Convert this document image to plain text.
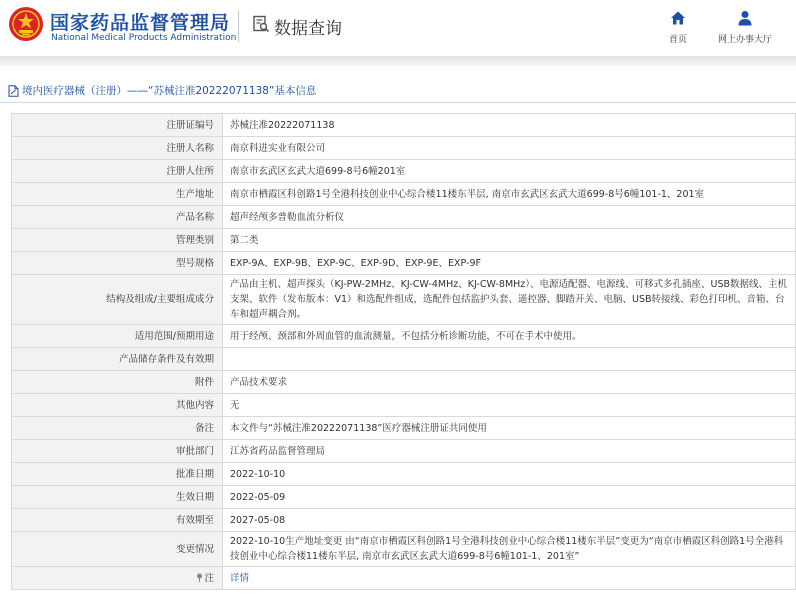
国家药品监督管理局
National Medical Products Administration 数据查询
首页	网上办事大厅
境内医疗器械（注册）——“苏械注准20222071138”基本信息
注册证编号	苏械注准20222071138
注册人名称	南京科进实业有限公司
注册人住所	南京市玄武区玄武大道699-8号6幢201室
生产地址	南京市栖霞区科创路1号全港科技创业中心综合楼11楼东半层, 南京市玄武区玄武大道699-8号6幢101-1、201室
产品名称	超声经颅多普勒血流分析仪
管理类别	第二类
型号规格	EXP-9A、EXP-9B、EXP-9C、EXP-9D、EXP-9E、EXP-9F
结构及组成/主要组成成分	产品由主机、超声探头（KJ-PW-2MHz、KJ-CW-4MHz、KJ-CW-8MHz）、电源适配器、电源线、可移式多孔插座、USB数据线、主机支架、软件（发布版本：V1）和选配件组成，选配件包括监护头套、遥控器、脚踏开关、电脑、USB转接线、彩色打印机、音箱、台车和超声耦合剂。
适用范围/预期用途	用于经颅、颈部和外周血管的血流测量，不包括分析诊断功能，不可在手术中使用。
产品储存条件及有效期	
附件	产品技术要求
其他内容	无
备注	本文件与“苏械注准20222071138”医疗器械注册证共同使用
审批部门	江苏省药品监督管理局
批准日期	2022-10-10
生效日期	2022-05-09
有效期至	2027-05-08
变更情况	2022-10-10生产地址变更 由“南京市栖霞区科创路1号全港科技创业中心综合楼11楼东半层”变更为“南京市栖霞区科创路1号全港科技创业中心综合楼11楼东半层, 南京市玄武区玄武大道699-8号6幢101-1、201室”
注	详情
